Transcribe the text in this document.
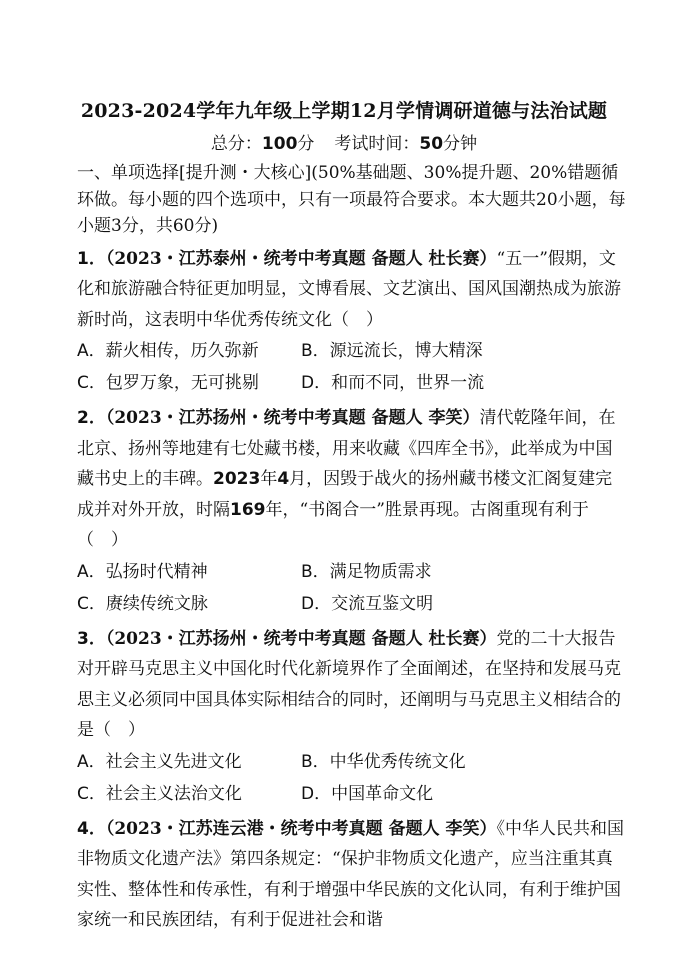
2023-2024学年九年级上学期12月学情调研道德与法治试题
总分：100分 考试时间：50分钟
一、单项选择[提升测・大核心](50%基础题、30%提升题、20%错题循环做。每小题的四个选项中，只有一项最符合要求。本大题共20小题，每小题3分，共60分)
1．（2023・江苏泰州・统考中考真题 备题人 杜长赛）“五一”假期，文化和旅游融合特征更加明显，文博看展、文艺演出、国风国潮热成为旅游新时尚，这表明中华优秀传统文化（　）
A．薪火相传，历久弥新	B．源远流长，博大精深
C．包罗万象，无可挑剔	D．和而不同，世界一流
2．（2023・江苏扬州・统考中考真题 备题人 李笑）清代乾隆年间，在北京、扬州等地建有七处藏书楼，用来收藏《四库全书》，此举成为中国藏书史上的丰碑。2023年4月，因毁于战火的扬州藏书楼文汇阁复建完成并对外开放，时隔169年，“书阁合一”胜景再现。古阁重现有利于（　）
A．弘扬时代精神	B．满足物质需求
C．赓续传统文脉	D．交流互鉴文明
3．（2023・江苏扬州・统考中考真题 备题人 杜长赛）党的二十大报告对开辟马克思主义中国化时代化新境界作了全面阐述，在坚持和发展马克思主义必须同中国具体实际相结合的同时，还阐明与马克思主义相结合的是（　）
A．社会主义先进文化	B．中华优秀传统文化
C．社会主义法治文化	D．中国革命文化
4．（2023・江苏连云港・统考中考真题 备题人 李笑）《中华人民共和国非物质文化遗产法》第四条规定：“保护非物质文化遗产，应当注重其真实性、整体性和传承性，有利于增强中华民族的文化认同，有利于维护国家统一和民族团结，有利于促进社会和谐
